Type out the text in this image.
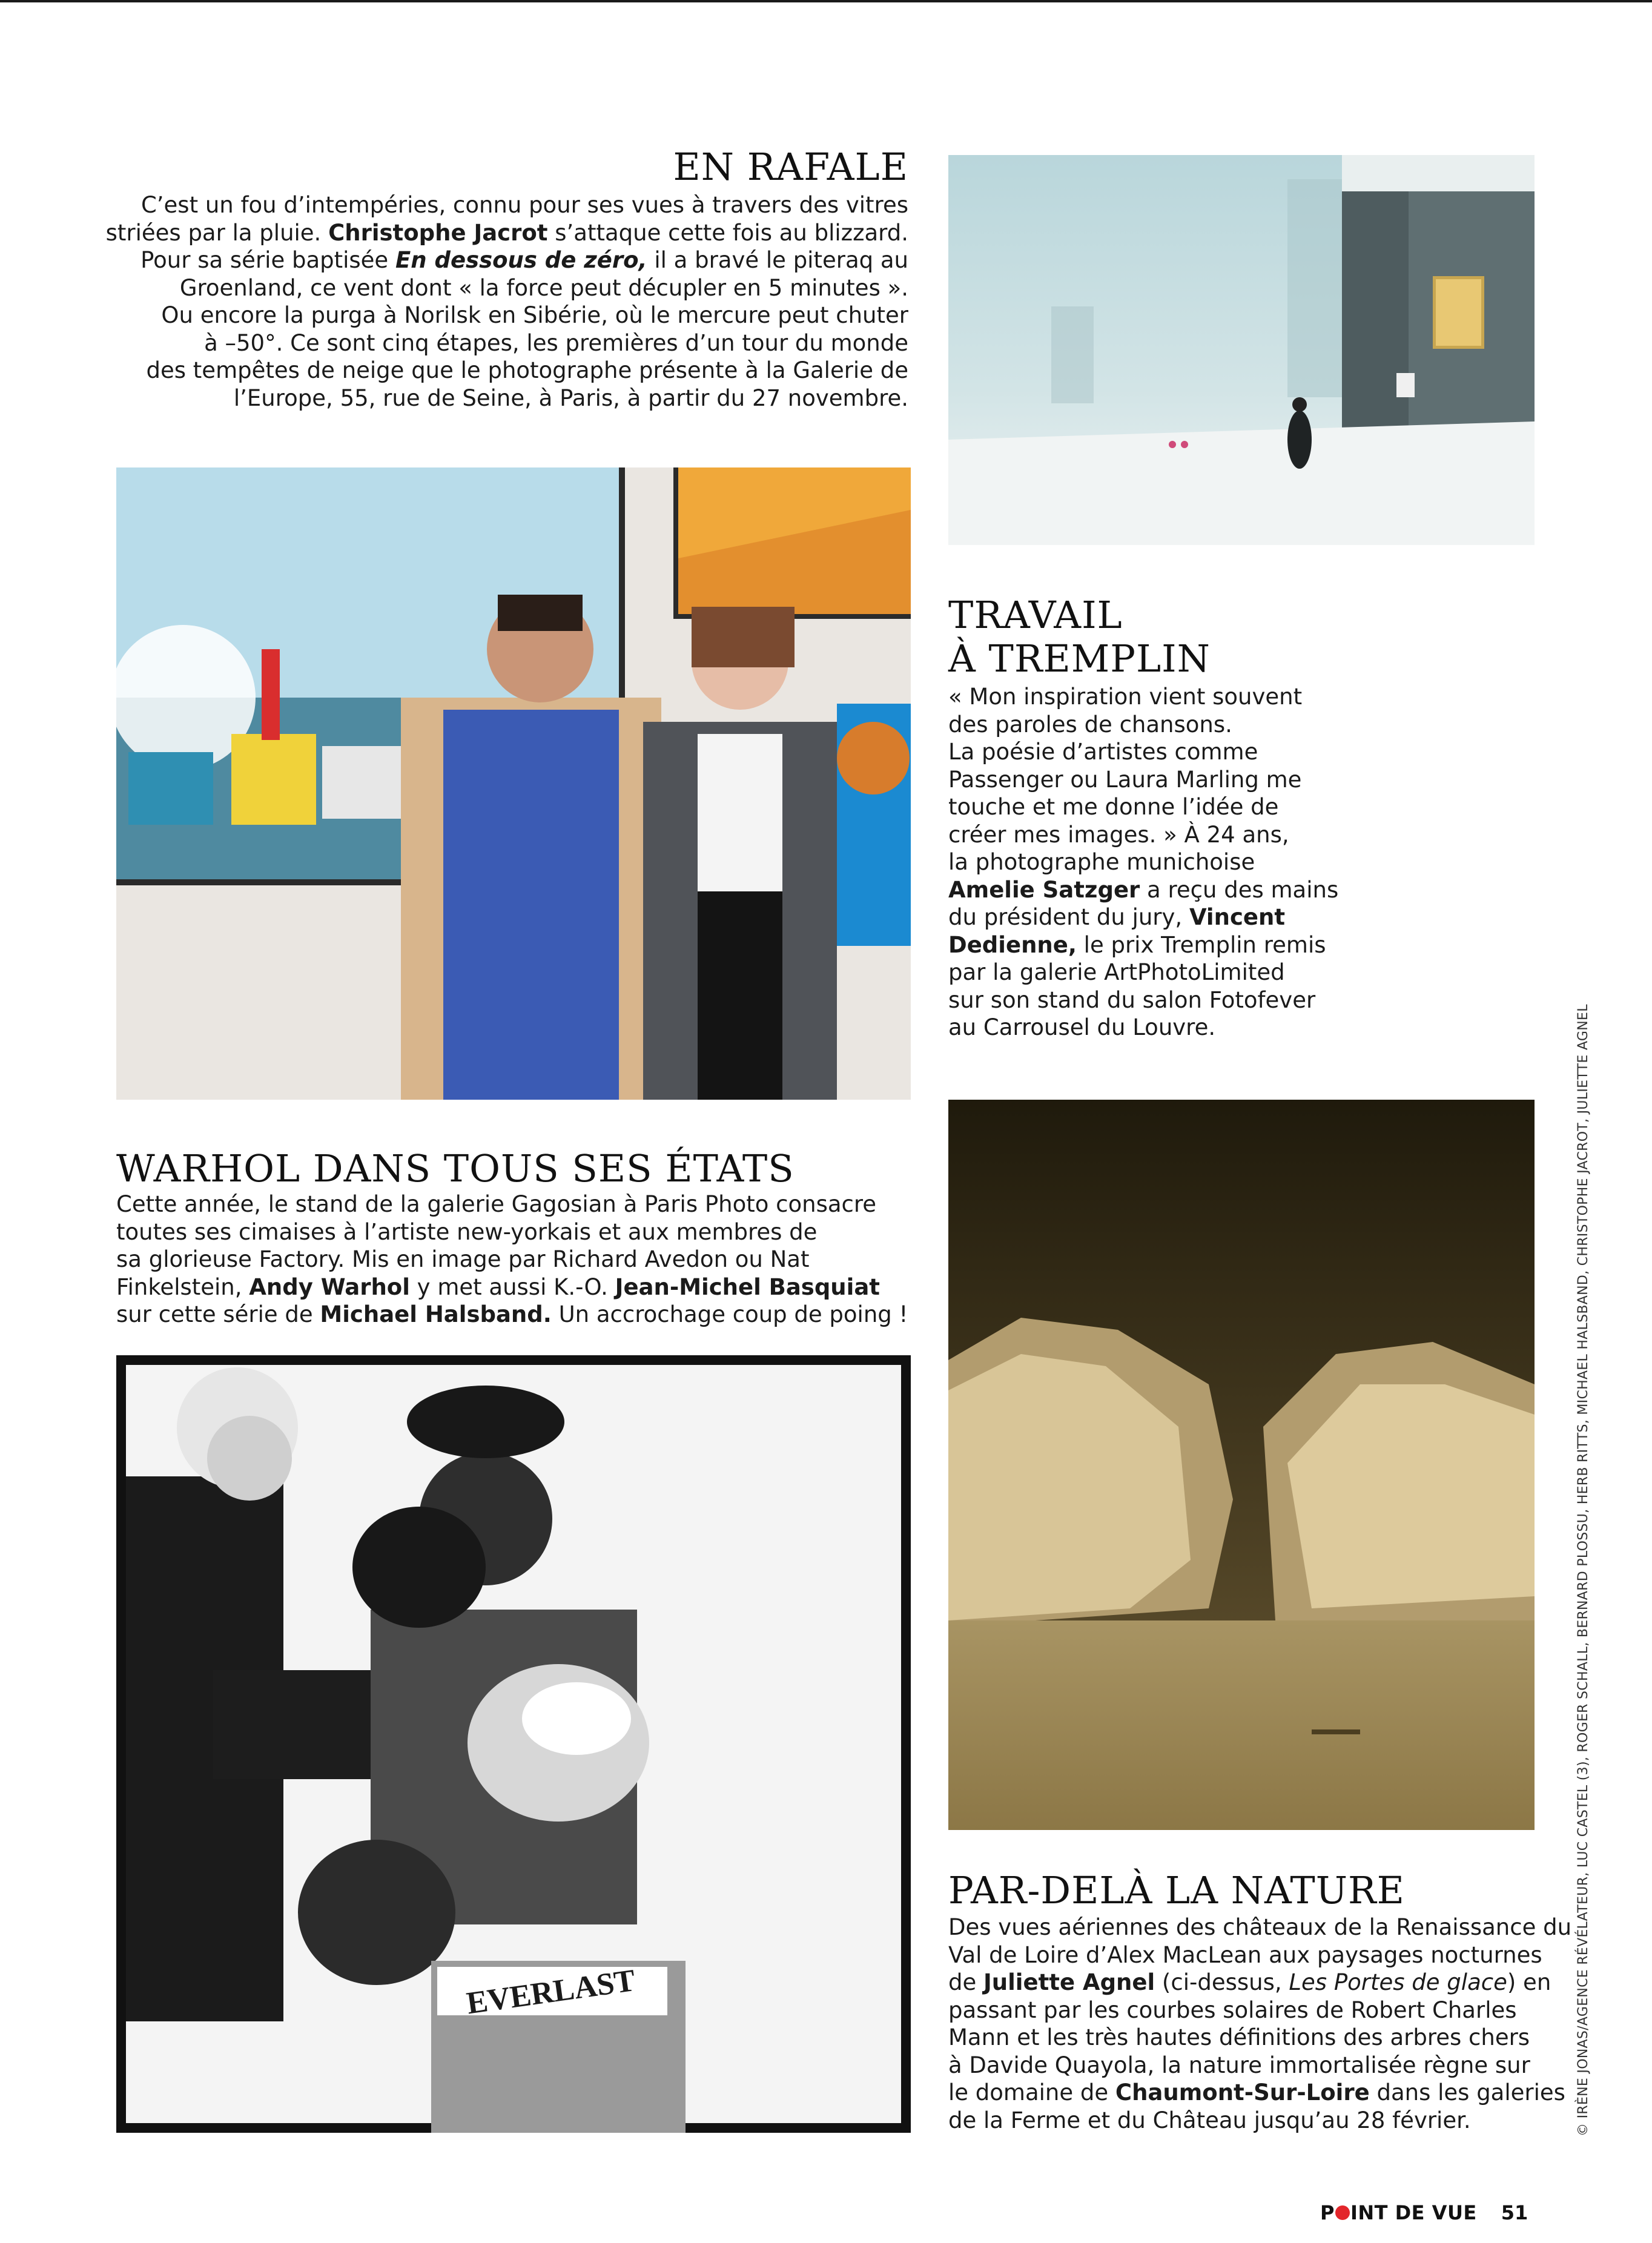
EN RAFALE
C’est un fou d’intempéries, connu pour ses vues à travers des vitres
striées par la pluie. Christophe Jacrot s’attaque cette fois au blizzard.
Pour sa série baptisée En dessous de zéro, il a bravé le piteraq au
Groenland, ce vent dont « la force peut décupler en 5 minutes ».
Ou encore la purga à Norilsk en Sibérie, où le mercure peut chuter
à –50°. Ce sont cinq étapes, les premières d’un tour du monde
des tempêtes de neige que le photographe présente à la Galerie de
l’Europe, 55, rue de Seine, à Paris, à partir du 27 novembre.
TRAVAIL
À TREMPLIN
« Mon inspiration vient souvent
des paroles de chansons.
La poésie d’artistes comme
Passenger ou Laura Marling me
touche et me donne l’idée de
créer mes images. » À 24 ans,
la photographe munichoise
Amelie Satzger a reçu des mains
du président du jury, Vincent
Dedienne, le prix Tremplin remis
par la galerie ArtPhotoLimited
sur son stand du salon Fotofever
au Carrousel du Louvre.
WARHOL DANS TOUS SES ÉTATS
Cette année, le stand de la galerie Gagosian à Paris Photo consacre
toutes ses cimaises à l’artiste new-yorkais et aux membres de
sa glorieuse Factory. Mis en image par Richard Avedon ou Nat
Finkelstein, Andy Warhol y met aussi K.-O. Jean-Michel Basquiat
sur cette série de Michael Halsband. Un accrochage coup de poing !
EVERLAST
PAR-DELÀ LA NATURE
Des vues aériennes des châteaux de la Renaissance du
Val de Loire d’Alex MacLean aux paysages nocturnes
de Juliette Agnel (ci-dessus, Les Portes de glace) en
passant par les courbes solaires de Robert Charles
Mann et les très hautes définitions des arbres chers
à Davide Quayola, la nature immortalisée règne sur
le domaine de Chaumont-Sur-Loire dans les galeries
de la Ferme et du Château jusqu’au 28 février.	© IRÈNE JONAS/AGENCE RÉVÉLATEUR, LUC CASTEL (3), ROGER SCHALL, BERNARD PLOSSU, HERB RITTS, MICHAEL HALSBAND, CHRISTOPHE JACROT, JULIETTE AGNEL
P INT DE VUE 51
